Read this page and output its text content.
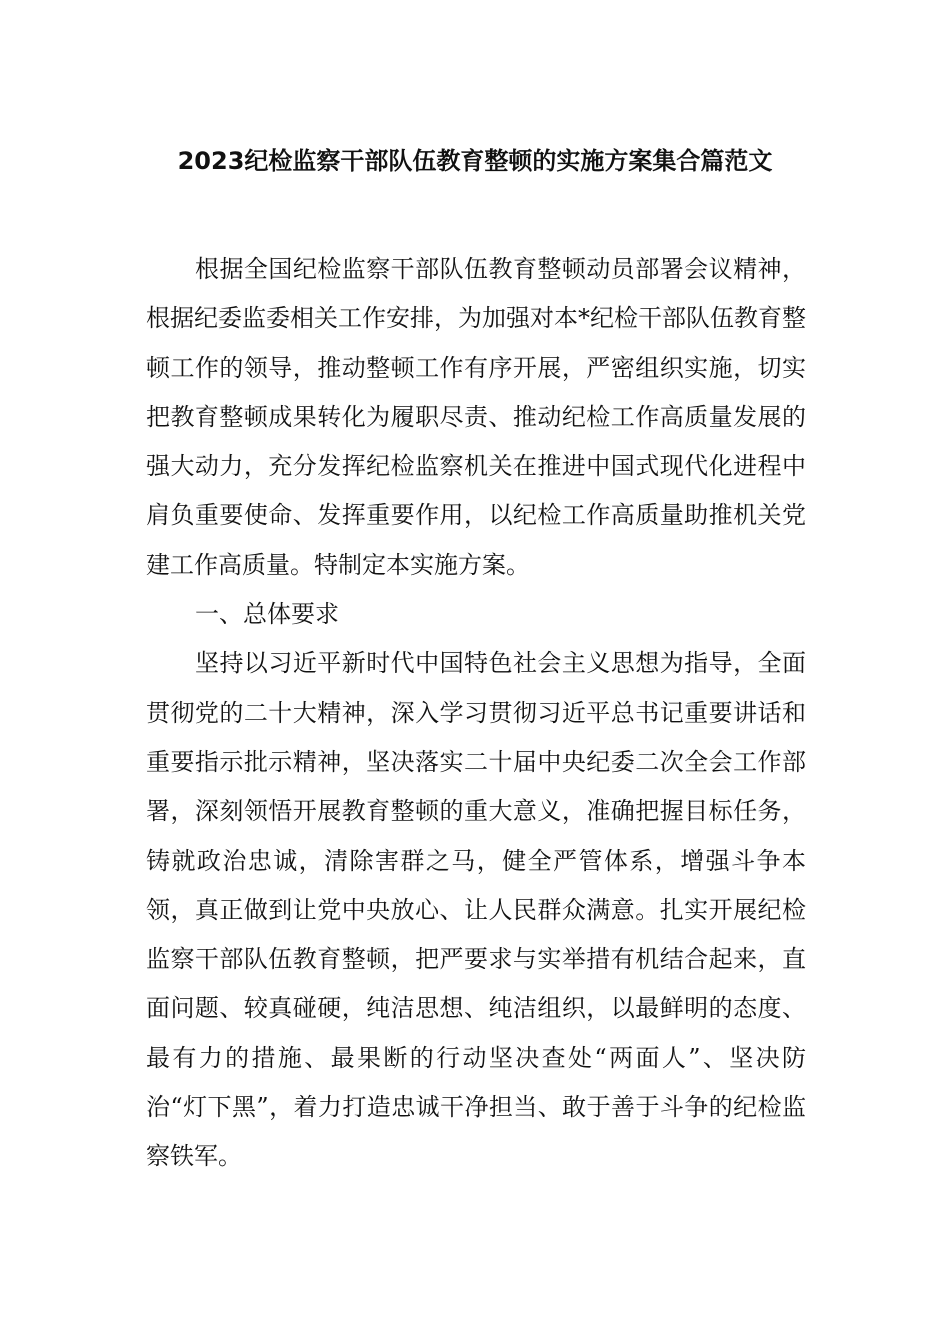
2023纪检监察干部队伍教育整顿的实施方案集合篇范文

根据全国纪检监察干部队伍教育整顿动员部署会议精神，根据纪委监委相关工作安排，为加强对本*纪检干部队伍教育整顿工作的领导，推动整顿工作有序开展，严密组织实施，切实把教育整顿成果转化为履职尽责、推动纪检工作高质量发展的强大动力，充分发挥纪检监察机关在推进中国式现代化进程中肩负重要使命、发挥重要作用，以纪检工作高质量助推机关党建工作高质量。特制定本实施方案。

一、总体要求

坚持以习近平新时代中国特色社会主义思想为指导，全面贯彻党的二十大精神，深入学习贯彻习近平总书记重要讲话和重要指示批示精神，坚决落实二十届中央纪委二次全会工作部署，深刻领悟开展教育整顿的重大意义，准确把握目标任务，铸就政治忠诚，清除害群之马，健全严管体系，增强斗争本领，真正做到让党中央放心、让人民群众满意。扎实开展纪检监察干部队伍教育整顿，把严要求与实举措有机结合起来，直面问题、较真碰硬，纯洁思想、纯洁组织，以最鲜明的态度、最有力的措施、最果断的行动坚决查处“两面人”、坚决防治“灯下黑”，着力打造忠诚干净担当、敢于善于斗争的纪检监察铁军。
